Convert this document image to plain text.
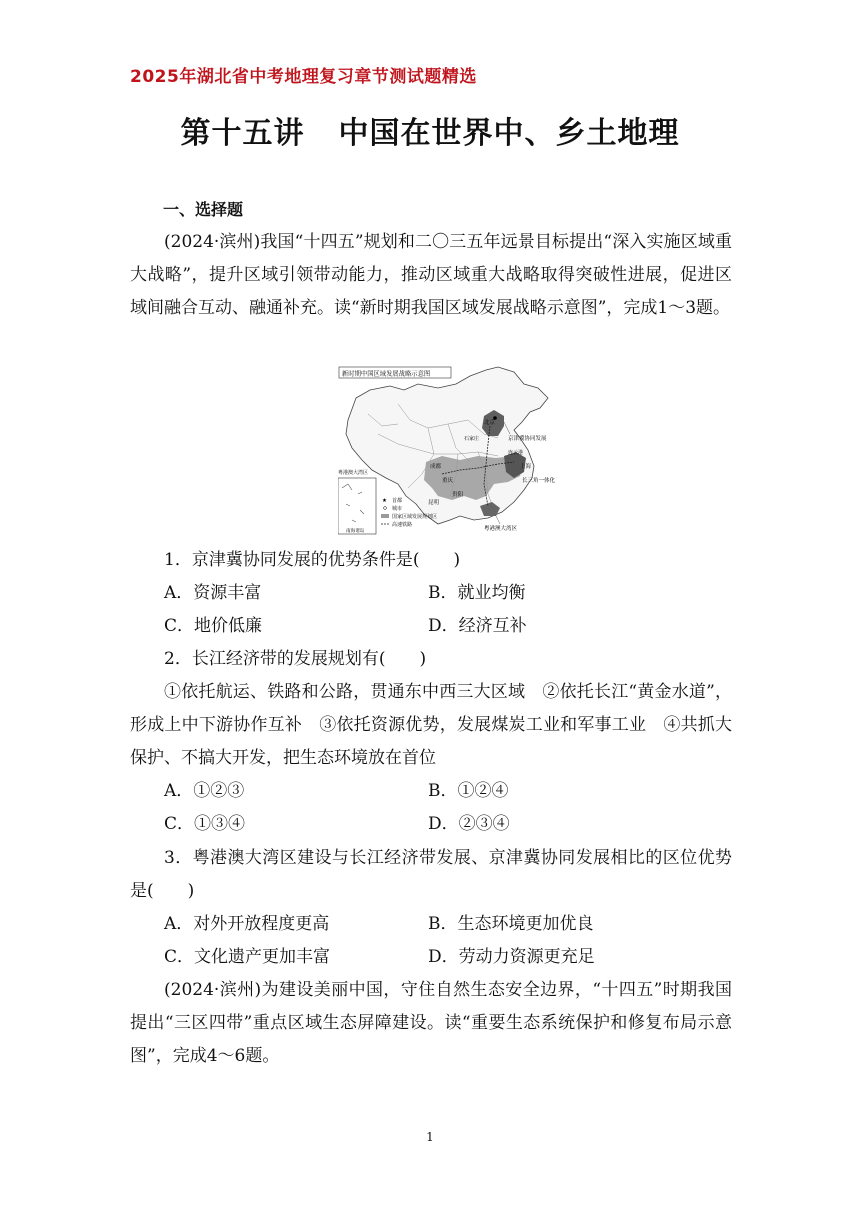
2025年湖北省中考地理复习章节测试题精选
第十五讲 中国在世界中、乡土地理
一、选择题
(2024·滨州)我国“十四五”规划和二〇三五年远景目标提出“深入实施区域重大战略”，提升区域引领带动能力，推动区域重大战略取得突破性进展，促进区域间融合互动、融通补充。读“新时期我国区域发展战略示意图”，完成1～3题。
新时期中国区域发展战略示意图
北京
京津冀协同发展
石家庄
连云港
上海
长三角一体化
成都
重庆
贵阳
昆明
粤港澳大湾区
粤港澳大湾区
南海诸岛
★ 首都
城市
国家区域发展规划区
高速铁路
1．京津冀协同发展的优势条件是(　　)
A．资源丰富	B．就业均衡
C．地价低廉	D．经济互补
2．长江经济带的发展规划有(　　)
①依托航运、铁路和公路，贯通东中西三大区域　②依托长江“黄金水道”，形成上中下游协作互补　③依托资源优势，发展煤炭工业和军事工业　④共抓大保护、不搞大开发，把生态环境放在首位
A．①②③	B．①②④
C．①③④	D．②③④
3．粤港澳大湾区建设与长江经济带发展、京津冀协同发展相比的区位优势是(　　)
A．对外开放程度更高	B．生态环境更加优良
C．文化遗产更加丰富	D．劳动力资源更充足
(2024·滨州)为建设美丽中国，守住自然生态安全边界，“十四五”时期我国提出“三区四带”重点区域生态屏障建设。读“重要生态系统保护和修复布局示意图”，完成4～6题。
1
